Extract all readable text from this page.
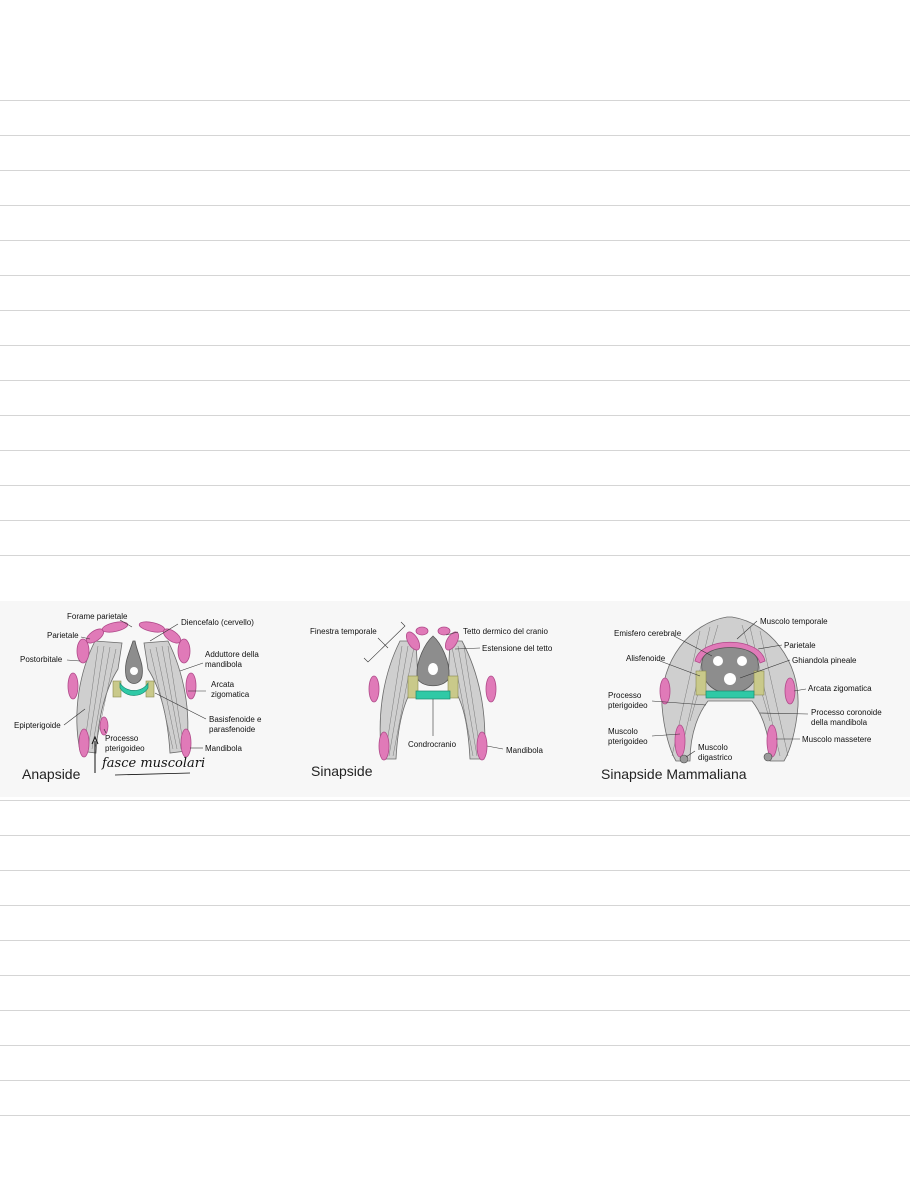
Forame parietale
Diencefalo (cervello)
Parietale
Adduttore della
mandibola
Postorbitale
Arcata
zigomatica
Epipterigoide
Basisfenoide e
parasfenoide
Processo
pterigoideo	Mandibola
Anapside
fasce muscolari
Finestra temporale	Tetto dermico del cranio
Estensione del tetto
Condrocranio
Mandibola
Sinapside
Muscolo temporale
Emisfero cerebrale
Parietale
Alisfenoide	Ghiandola pineale
Arcata zigomatica
Processo
pterigoideo
Processo coronoide
della mandibola
Muscolo
pterigoideo
Muscolo
digastrico
Muscolo massetere
Sinapside Mammaliana
